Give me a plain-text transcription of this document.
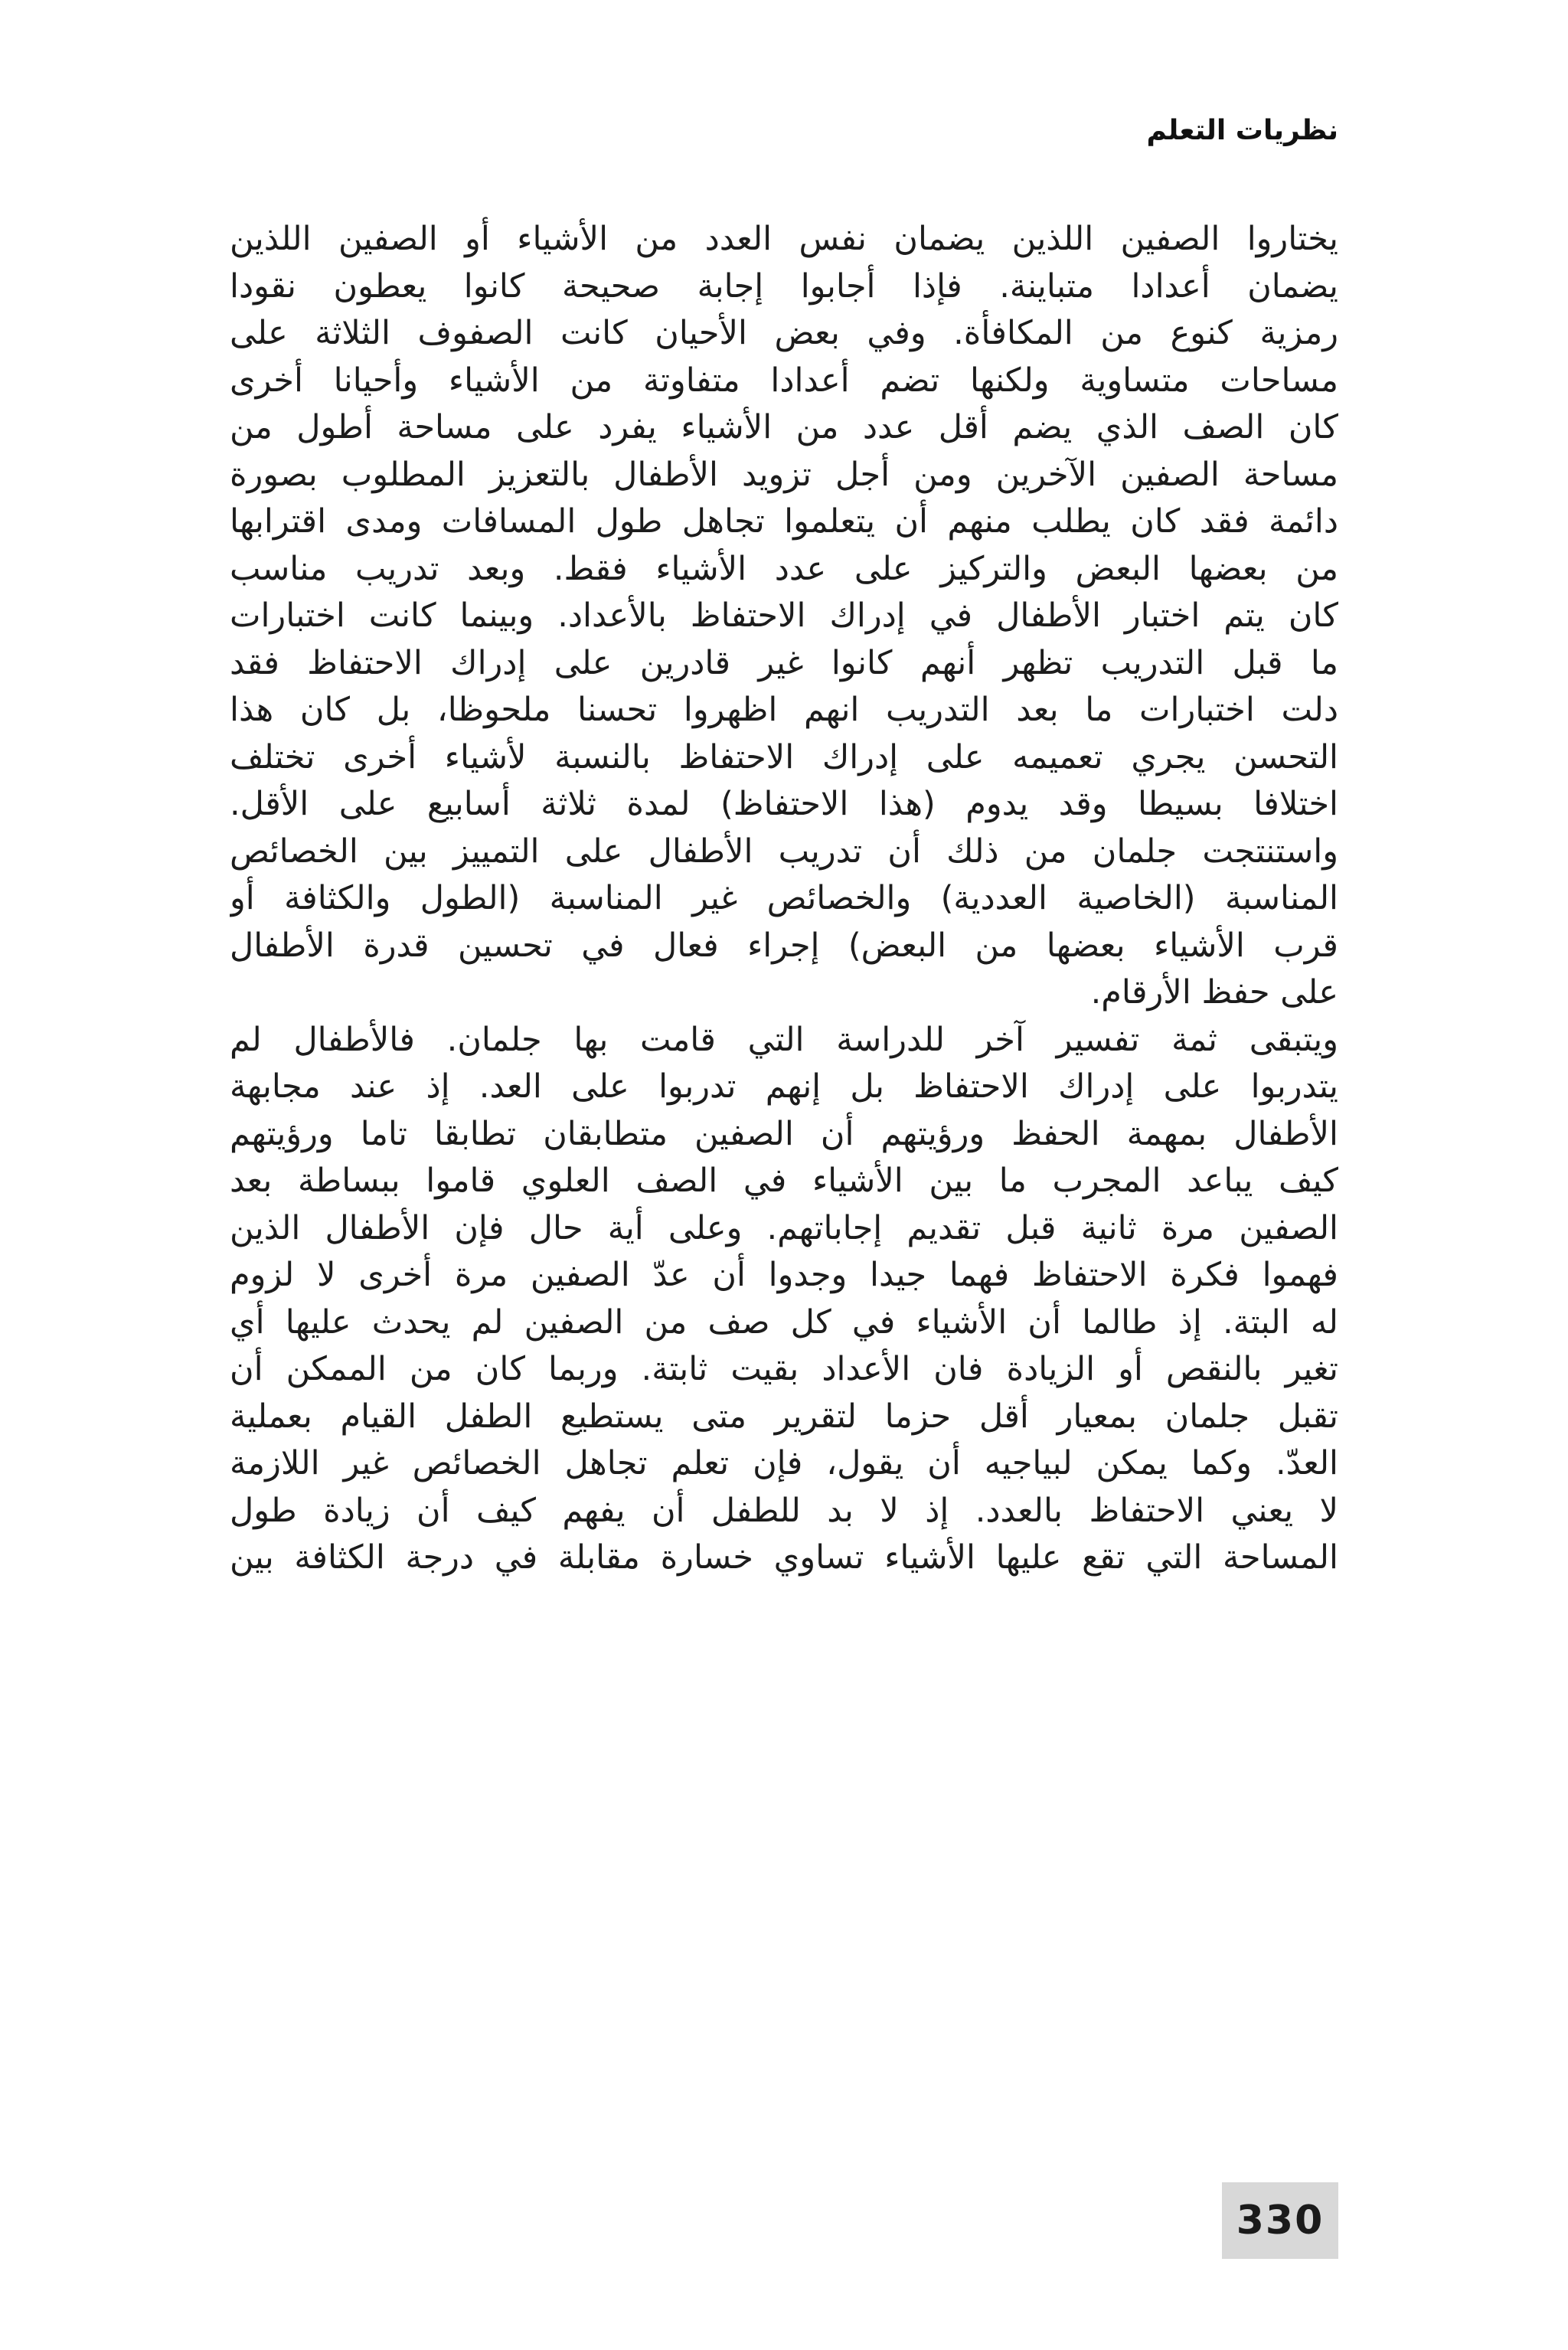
نظريات التعلم
يختاروا الصفين اللذين يضمان نفس العدد من الأشياء أو الصفين اللذين
يضمان أعدادا متباينة. فإذا أجابوا إجابة صحيحة كانوا يعطون نقودا
رمزية كنوع من المكافأة. وفي بعض الأحيان كانت الصفوف الثلاثة على
مساحات متساوية ولكنها تضم أعدادا متفاوتة من الأشياء وأحيانا أخرى
كان الصف الذي يضم أقل عدد من الأشياء يفرد على مساحة أطول من
مساحة الصفين الآخرين ومن أجل تزويد الأطفال بالتعزيز المطلوب بصورة
دائمة فقد كان يطلب منهم أن يتعلموا تجاهل طول المسافات ومدى اقترابها
من بعضها البعض والتركيز على عدد الأشياء فقط. وبعد تدريب مناسب
كان يتم اختبار الأطفال في إدراك الاحتفاظ بالأعداد. وبينما كانت اختبارات
ما قبل التدريب تظهر أنهم كانوا غير قادرين على إدراك الاحتفاظ فقد
دلت اختبارات ما بعد التدريب انهم اظهروا تحسنا ملحوظا، بل كان هذا
التحسن يجري تعميمه على إدراك الاحتفاظ بالنسبة لأشياء أخرى تختلف
اختلافا بسيطا وقد يدوم (هذا الاحتفاظ) لمدة ثلاثة أسابيع على الأقل.
واستنتجت جلمان من ذلك أن تدريب الأطفال على التمييز بين الخصائص
المناسبة (الخاصية العددية) والخصائص غير المناسبة (الطول والكثافة أو
قرب الأشياء بعضها من البعض) إجراء فعال في تحسين قدرة الأطفال
على حفظ الأرقام.
ويتبقى ثمة تفسير آخر للدراسة التي قامت بها جلمان. فالأطفال لم
يتدربوا على إدراك الاحتفاظ بل إنهم تدربوا على العد. إذ عند مجابهة
الأطفال بمهمة الحفظ ورؤيتهم أن الصفين متطابقان تطابقا تاما ورؤيتهم
كيف يباعد المجرب ما بين الأشياء في الصف العلوي قاموا ببساطة بعد
الصفين مرة ثانية قبل تقديم إجاباتهم. وعلى أية حال فإن الأطفال الذين
فهموا فكرة الاحتفاظ فهما جيدا وجدوا أن عدّ الصفين مرة أخرى لا لزوم
له البتة. إذ طالما أن الأشياء في كل صف من الصفين لم يحدث عليها أي
تغير بالنقص أو الزيادة فان الأعداد بقيت ثابتة. وربما كان من الممكن أن
تقبل جلمان بمعيار أقل حزما لتقرير متى يستطيع الطفل القيام بعملية
العدّ. وكما يمكن لبياجيه أن يقول، فإن تعلم تجاهل الخصائص غير اللازمة
لا يعني الاحتفاظ بالعدد. إذ لا بد للطفل أن يفهم كيف أن زيادة طول
المساحة التي تقع عليها الأشياء تساوي خسارة مقابلة في درجة الكثافة بين
330
